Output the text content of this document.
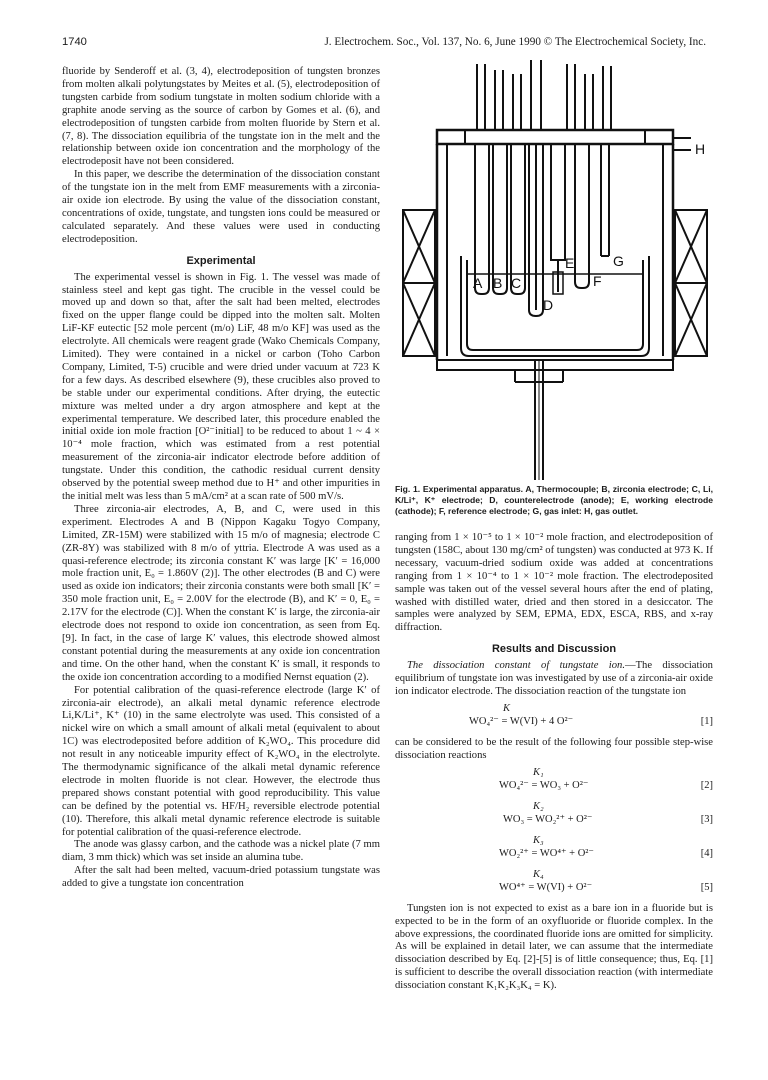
1740	J. Electrochem. Soc., Vol. 137, No. 6, June 1990 © The Electrochemical Society, Inc.

fluoride by Senderoff et al. (3, 4), electrodeposition of tungsten bronzes from molten alkali polytungstates by Meites et al. (5), electrodeposition of tungsten carbide from sodium tungstate in molten sodium chloride with a graphite anode serving as the source of carbon by Gomes et al. (6), and electrodeposition of tungsten carbide from molten fluoride by Stern et al. (7, 8). The dissociation equilibria of the tungstate ion in the melt and the relationship between oxide ion concentration and the morphology of the electrodeposit have not been considered.

In this paper, we describe the determination of the dissociation constant of the tungstate ion in the melt from EMF measurements with a zirconia-air oxide ion electrode. By using the value of the dissociation constant, concentrations of oxide, tungstate, and tungsten ions could be measured or calculated separately. And these values were used in conducting electrodeposition.

Experimental

The experimental vessel is shown in Fig. 1. The vessel was made of stainless steel and kept gas tight. The crucible in the vessel could be moved up and down so that, after the salt had been melted, electrodes fixed on the upper flange could be dipped into the molten salt. Molten LiF-KF eutectic [52 mole percent (m/o) LiF, 48 m/o KF] was used as the electrolyte. All chemicals were reagent grade (Wako Chemicals Company, Limited). They were contained in a nickel or carbon (Toho Carbon Company, Limited, T-5) crucible and were dried under vacuum at 723 K for a few days. As described elsewhere (9), these crucibles also proved to be stable under our experimental conditions. After drying, the eutectic mixture was melted under a dry argon atmosphere and kept at the experimental temperature. We described later, this procedure enabled the initial oxide ion mole fraction [O²⁻initial] to be reduced to about 1 ~ 4 × 10⁻⁴ mole fraction, which was estimated from a rest potential measurement of the zirconia-air indicator electrode before addition of tungstate. Under this condition, the cathodic residual current density observed by the potential sweep method due to H⁺ and other impurities in the initial melt was less than 5 mA/cm² at a scan rate of 500 mV/s.

Three zirconia-air electrodes, A, B, and C, were used in this experiment. Electrodes A and B (Nippon Kagaku Togyo Company, Limited, ZR-15M) were stabilized with 15 m/o of magnesia; electrode C (ZR-8Y) was stabilized with 8 m/o of yttria. Electrode A was used as a quasi-reference electrode; its zirconia constant K′ was large [K′ = 16,000 mole fraction unit, E₀ = 1.860V (2)]. The other electrodes (B and C) were used as oxide ion indicators; their zirconia constants were both small [K′ = 350 mole fraction unit, E₀ = 2.00V for the electrode (B), and K′ = 0, E₀ = 2.17V for the electrode (C)]. When the constant K′ is large, the zirconia-air electrode does not respond to oxide ion concentration, as seen from Eq. [9]. In fact, in the case of large K′ values, this electrode showed almost constant potential during the measurements at any oxide ion concentration and time. On the other hand, when the constant K′ is small, it responds to the oxide ion concentration according to a modified Nernst equation (2).

For potential calibration of the quasi-reference electrode (large K′ of zirconia-air electrode), an alkali metal dynamic reference electrode Li,K/Li⁺, K⁺ (10) in the same electrolyte was used. This consisted of a nickel wire on which a small amount of alkali metal (equivalent to about 1C) was electrodeposited before addition of K₂WO₄. This procedure did not result in any noticeable impurity effect of K₂WO₄ in the electrolyte. The thermodynamic significance of the alkali metal dynamic reference electrode in molten fluoride is not clear. However, the electrode thus prepared shows constant potential with good reproducibility. This value can be defined by the potential vs. HF/H₂ reversible electrode potential (10). Therefore, this alkali metal dynamic reference electrode is suitable for potential calibration of the quasi-reference electrode.

The anode was glassy carbon, and the cathode was a nickel plate (7 mm diam, 3 mm thick) which was set inside an alumina tube.

After the salt had been melted, vacuum-dried potassium tungstate was added to give a tungstate ion concentration

A B C
D
E
F
G
H
Fig. 1. Experimental apparatus. A, Thermocouple; B, zirconia electrode; C, Li, K/Li⁺, K⁺ electrode; D, counterelectrode (anode); E, working electrode (cathode); F, reference electrode; G, gas inlet: H, gas outlet.

ranging from 1 × 10⁻⁵ to 1 × 10⁻² mole fraction, and electrodeposition of tungsten (158C, about 130 mg/cm² of tungsten) was conducted at 973 K. If necessary, vacuum-dried sodium oxide was added at concentrations ranging from 1 × 10⁻⁴ to 1 × 10⁻² mole fraction. The electrodeposited sample was taken out of the vessel several hours after the end of plating, washed with distilled water, dried and then stored in a desiccator. The samples were analyzed by SEM, EPMA, EDX, ESCA, RBS, and x-ray diffraction.

Results and Discussion

The dissociation constant of tungstate ion.—The dissociation equilibrium of tungstate ion was investigated by use of a zirconia-air oxide ion indicator electrode. The dissociation reaction of the tungstate ion

K
WO₄²⁻ = W(VI) + 4 O²⁻	[1]

can be considered to be the result of the following four possible step-wise dissociation reactions

K₁
WO₄²⁻ = WO₃ + O²⁻	[2]
K₂
WO₃ = WO₂²⁺ + O²⁻	[3]
K₃
WO₂²⁺ = WO⁴⁺ + O²⁻	[4]
K₄
WO⁴⁺ = W(VI) + O²⁻	[5]

Tungsten ion is not expected to exist as a bare ion in a fluoride but is expected to be in the form of an oxyfluoride or fluoride complex. In the above expressions, the coordinated fluoride ions are omitted for simplicity. As will be explained in detail later, we can assume that the intermediate dissociation described by Eq. [2]-[5] is of little consequence; thus, Eq. [1] is sufficient to describe the overall dissociation reaction (with intermediate dissociation constant K₁K₂K₃K₄ = K).
